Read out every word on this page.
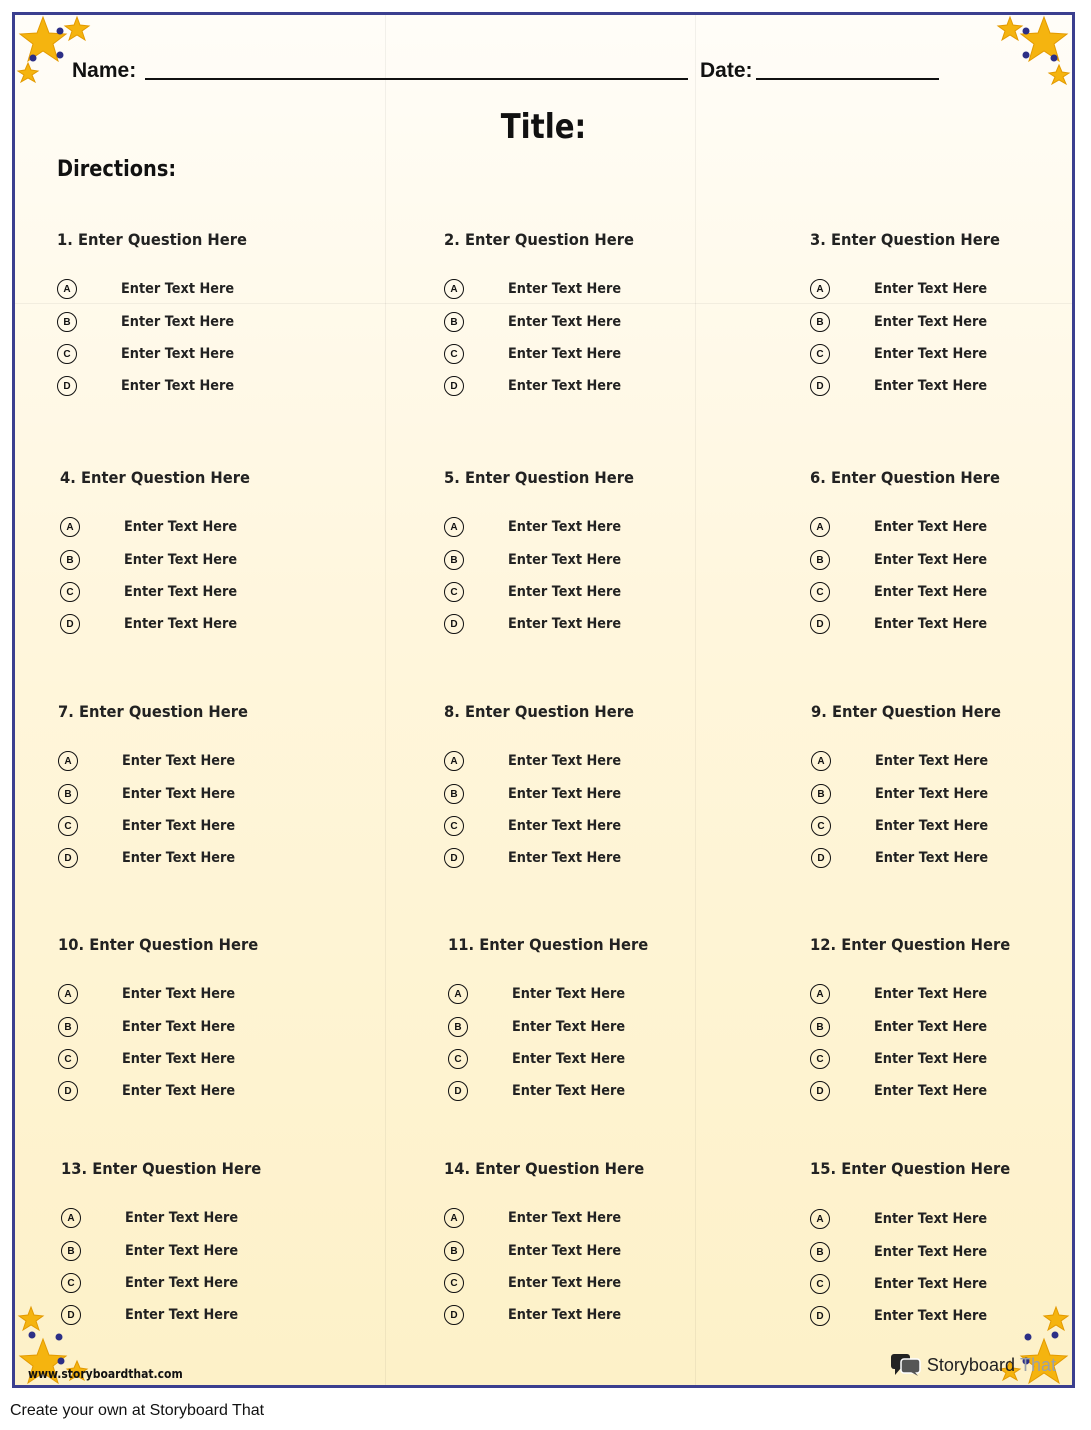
Name:	Date:
Title:
Directions:
1. Enter Question Here
A	Enter Text Here
B	Enter Text Here
C	Enter Text Here
D	Enter Text Here
2. Enter Question Here
A	Enter Text Here
B	Enter Text Here
C	Enter Text Here
D	Enter Text Here
3. Enter Question Here
A	Enter Text Here
B	Enter Text Here
C	Enter Text Here
D	Enter Text Here
4. Enter Question Here
A	Enter Text Here
B	Enter Text Here
C	Enter Text Here
D	Enter Text Here
5. Enter Question Here
A	Enter Text Here
B	Enter Text Here
C	Enter Text Here
D	Enter Text Here
6. Enter Question Here
A	Enter Text Here
B	Enter Text Here
C	Enter Text Here
D	Enter Text Here
7. Enter Question Here
A	Enter Text Here
B	Enter Text Here
C	Enter Text Here
D	Enter Text Here
8. Enter Question Here
A	Enter Text Here
B	Enter Text Here
C	Enter Text Here
D	Enter Text Here
9. Enter Question Here
A	Enter Text Here
B	Enter Text Here
C	Enter Text Here
D	Enter Text Here
10. Enter Question Here
A	Enter Text Here
B	Enter Text Here
C	Enter Text Here
D	Enter Text Here
11. Enter Question Here
A	Enter Text Here
B	Enter Text Here
C	Enter Text Here
D	Enter Text Here
12. Enter Question Here
A	Enter Text Here
B	Enter Text Here
C	Enter Text Here
D	Enter Text Here
13. Enter Question Here
A	Enter Text Here
B	Enter Text Here
C	Enter Text Here
D	Enter Text Here
14. Enter Question Here
A	Enter Text Here
B	Enter Text Here
C	Enter Text Here
D	Enter Text Here
15. Enter Question Here
A	Enter Text Here
B	Enter Text Here
C	Enter Text Here
D	Enter Text Here
www.storyboardthat.com	Storyboard That
Create your own at Storyboard That
